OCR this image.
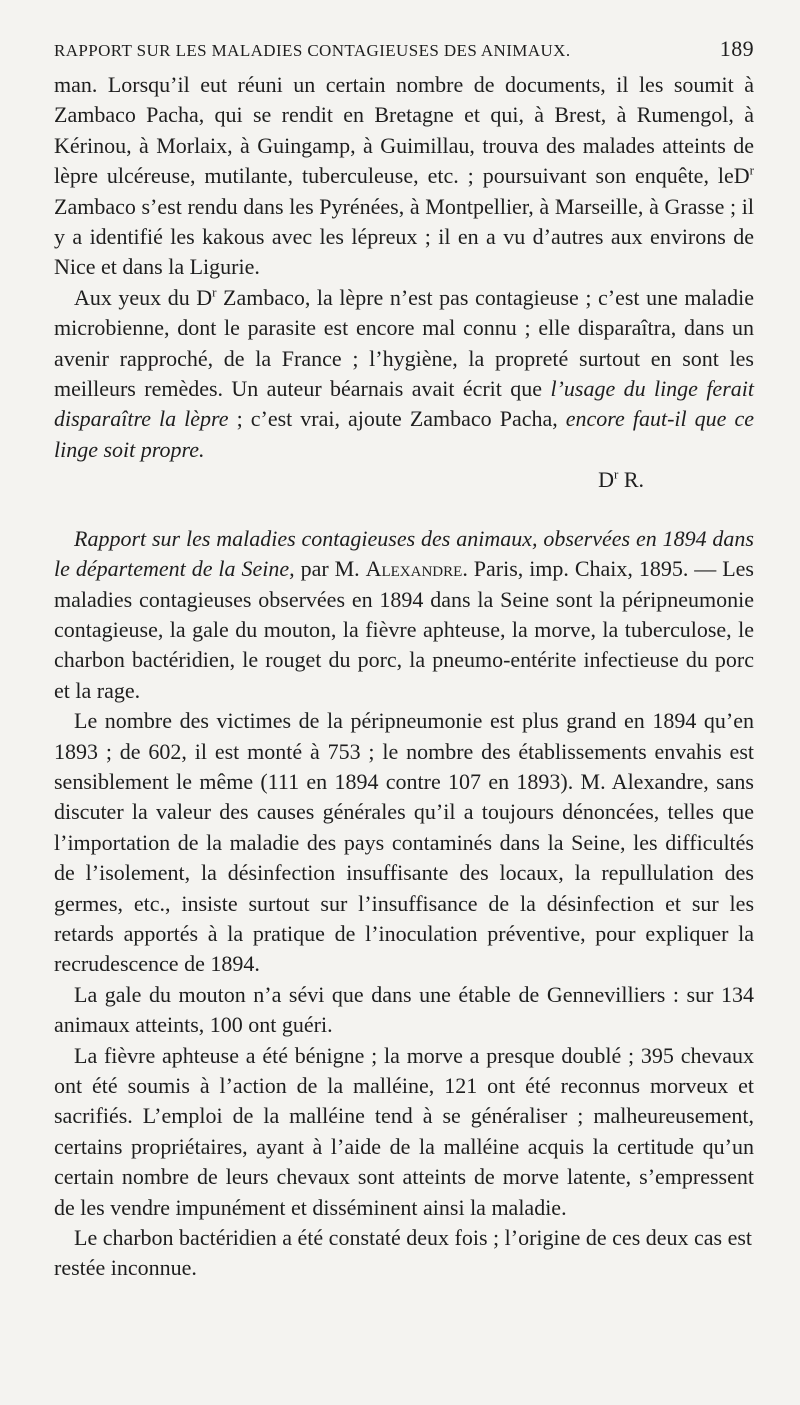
RAPPORT SUR LES MALADIES CONTAGIEUSES DES ANIMAUX.	189

man. Lorsqu’il eut réuni un certain nombre de documents, il les soumit à Zambaco Pacha, qui se rendit en Bretagne et qui, à Brest, à Rumengol, à Kérinou, à Morlaix, à Guingamp, à Guimillau, trouva des malades atteints de lèpre ulcéreuse, mutilante, tuberculeuse, etc. ; poursuivant son enquête, leD$^r$ Zambaco s’est rendu dans les Pyrénées, à Montpellier, à Marseille, à Grasse ; il y a identifié les kakous avec les lépreux ; il en a vu d’autres aux environs de Nice et dans la Ligurie.

Aux yeux du $D^r$ Zambaco, la lèpre n’est pas contagieuse ; c’est une maladie microbienne, dont le parasite est encore mal connu ; elle disparaîtra, dans un avenir rapproché, de la France ; l’hygiène, la propreté surtout en sont les meilleurs remèdes. Un auteur béarnais avait écrit que l’usage du linge ferait disparaître la lèpre ; c’est vrai, ajoute Zambaco Pacha, encore faut-il que ce linge soit propre.

$D^r$ R.

Rapport sur les maladies contagieuses des animaux, observées en 1894 dans le département de la Seine, par M. Alexandre. Paris, imp. Chaix, 1895. — Les maladies contagieuses observées en 1894 dans la Seine sont la péripneumonie contagieuse, la gale du mouton, la fièvre aphteuse, la morve, la tuberculose, le charbon bactéridien, le rouget du porc, la pneumo-entérite infectieuse du porc et la rage.

Le nombre des victimes de la péripneumonie est plus grand en 1894 qu’en 1893 ; de 602, il est monté à 753 ; le nombre des établissements envahis est sensiblement le même (111 en 1894 contre 107 en 1893). M. Alexandre, sans discuter la valeur des causes générales qu’il a toujours dénoncées, telles que l’importation de la maladie des pays contaminés dans la Seine, les difficultés de l’isolement, la désinfection insuffisante des locaux, la repullulation des germes, etc., insiste surtout sur l’insuffisance de la désinfection et sur les retards apportés à la pratique de l’inoculation préventive, pour expliquer la recrudescence de 1894.

La gale du mouton n’a sévi que dans une étable de Gennevilliers : sur 134 animaux atteints, 100 ont guéri.

La fièvre aphteuse a été bénigne ; la morve a presque doublé ; 395 chevaux ont été soumis à l’action de la malléine, 121 ont été reconnus morveux et sacrifiés. L’emploi de la malléine tend à se généraliser ; malheureusement, certains propriétaires, ayant à l’aide de la malléine acquis la certitude qu’un certain nombre de leurs chevaux sont atteints de morve latente, s’empressent de les vendre impunément et disséminent ainsi la maladie.

Le charbon bactéridien a été constaté deux fois ; l’origine de ces deux cas est restée inconnue.
